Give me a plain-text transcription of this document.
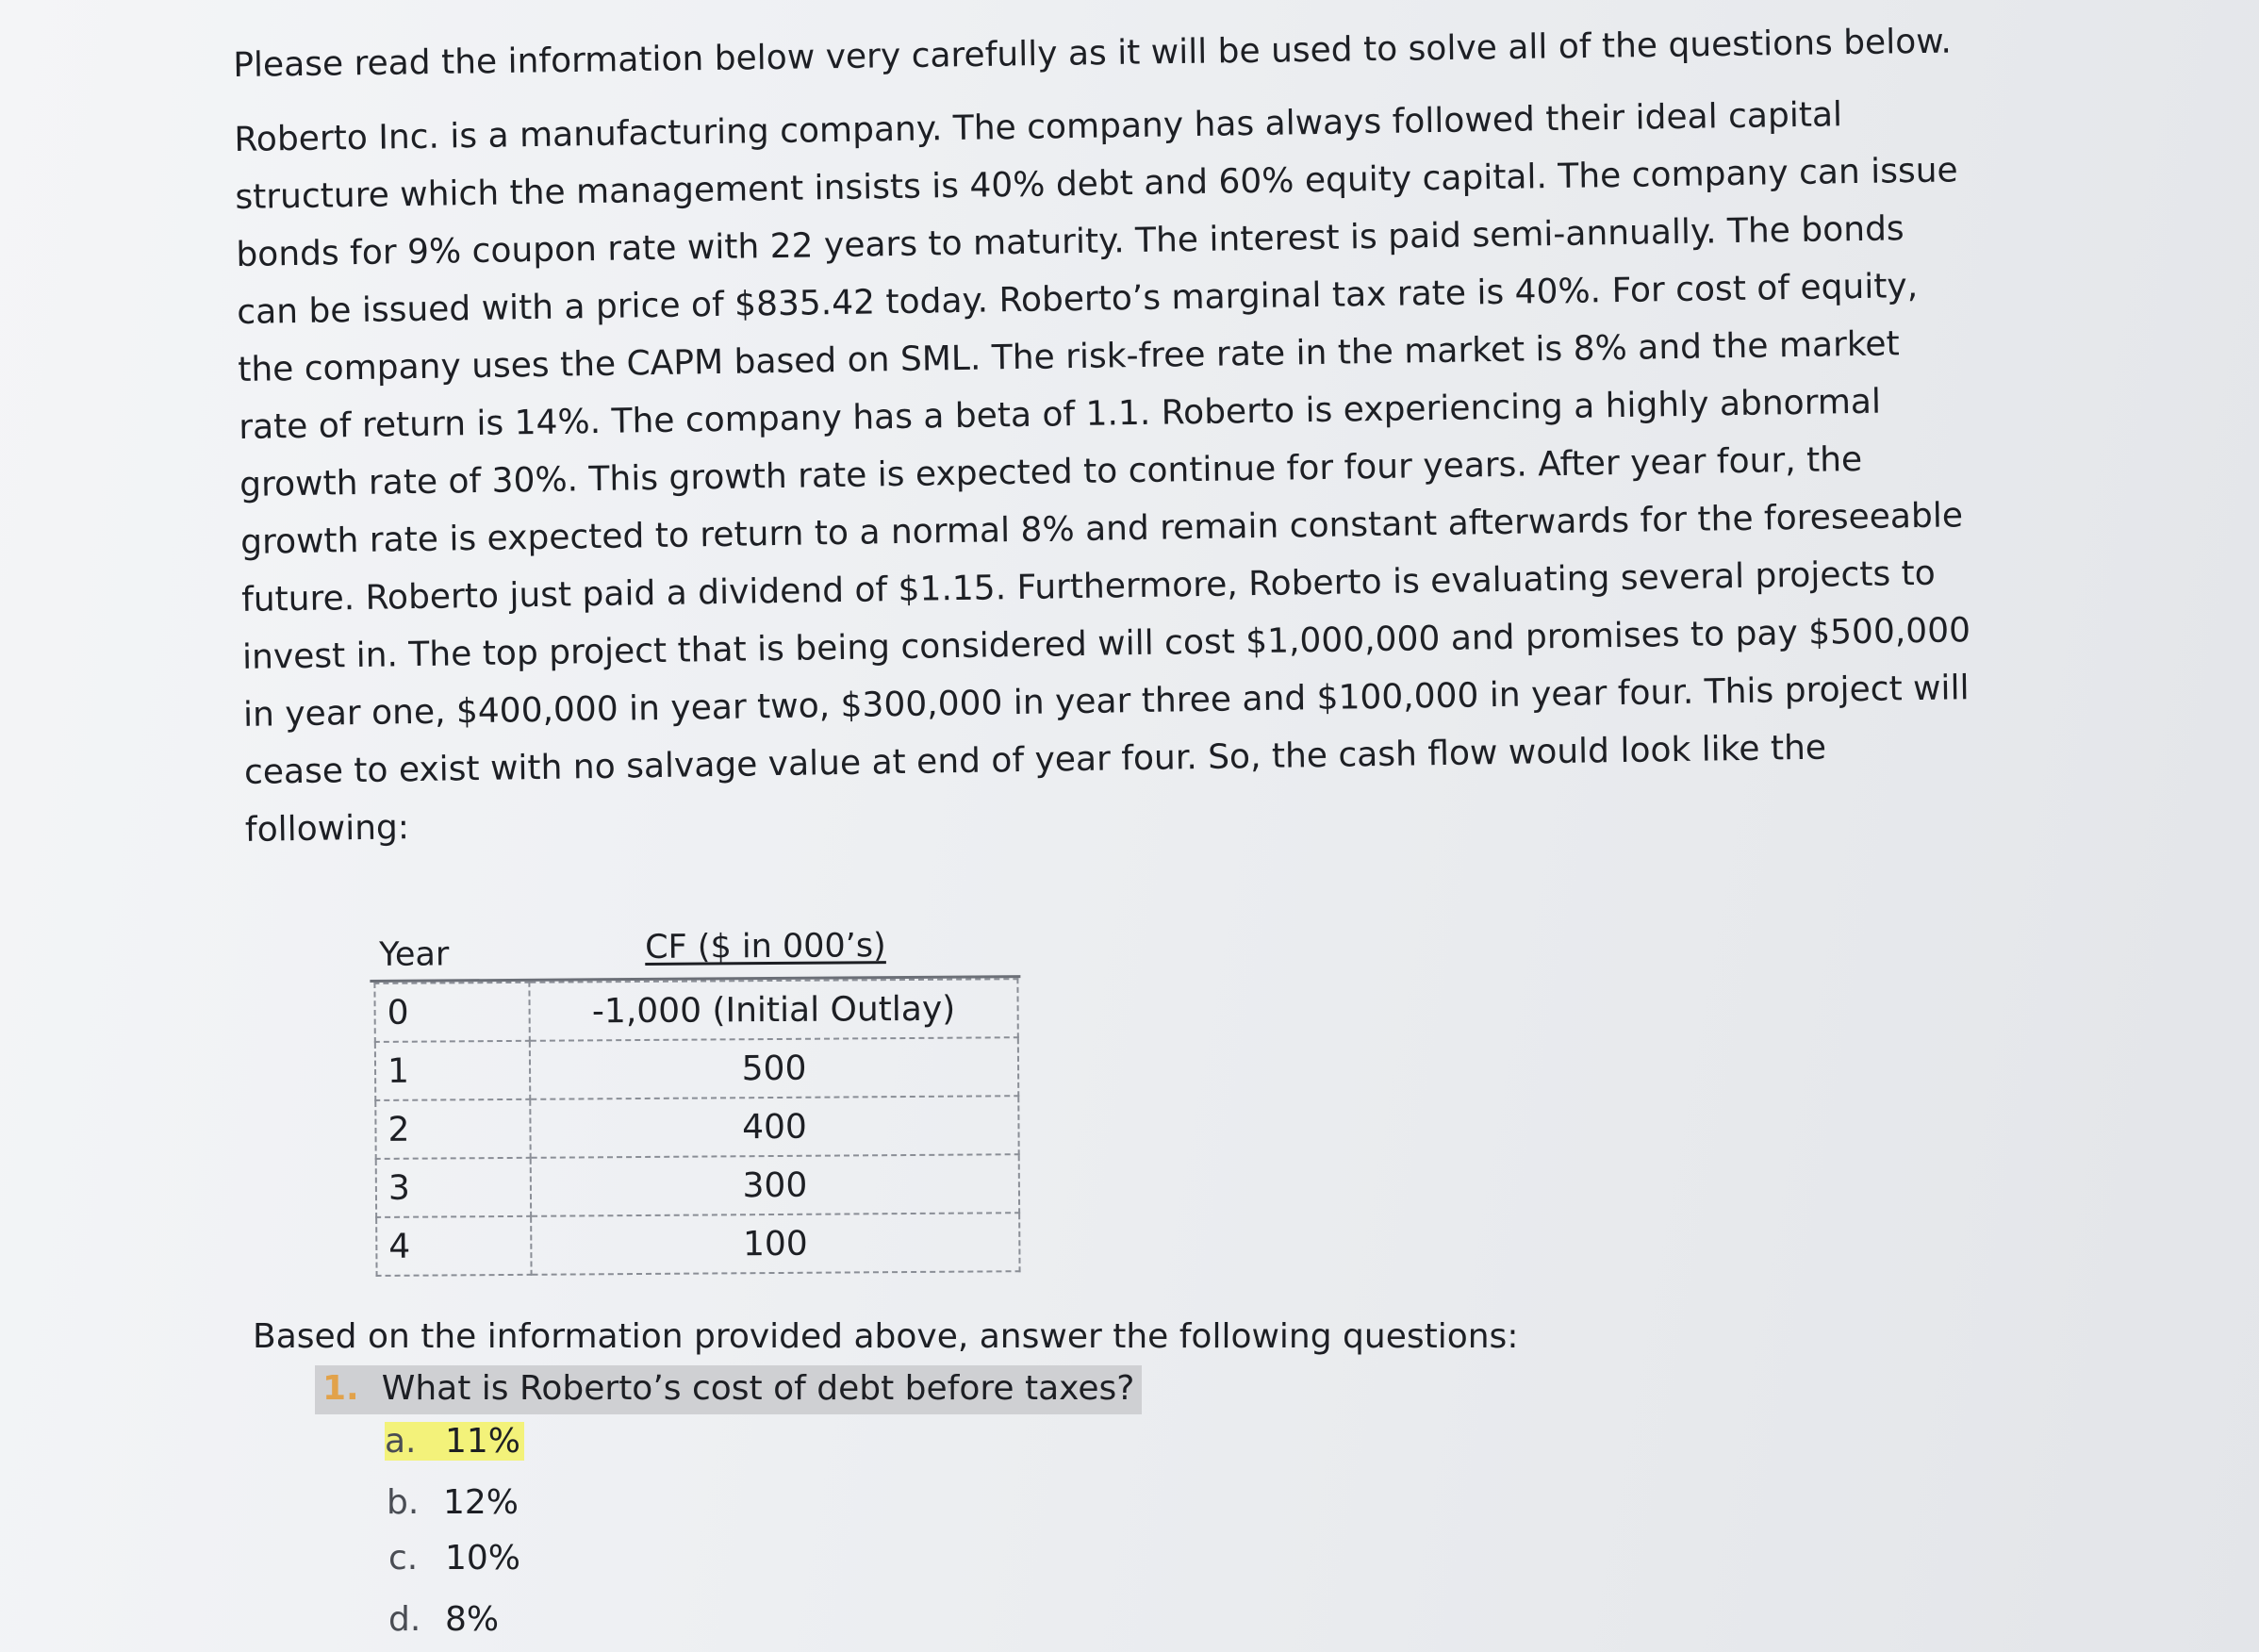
Please read the information below very carefully as it will be used to solve all of the questions below.
Roberto Inc. is a manufacturing company. The company has always followed their ideal capital
structure which the management insists is 40% debt and 60% equity capital. The company can issue
bonds for 9% coupon rate with 22 years to maturity. The interest is paid semi-annually. The bonds
can be issued with a price of $835.42 today. Roberto’s marginal tax rate is 40%. For cost of equity,
the company uses the CAPM based on SML. The risk-free rate in the market is 8% and the market
rate of return is 14%. The company has a beta of 1.1. Roberto is experiencing a highly abnormal
growth rate of 30%. This growth rate is expected to continue for four years. After year four, the
growth rate is expected to return to a normal 8% and remain constant afterwards for the foreseeable
future. Roberto just paid a dividend of $1.15. Furthermore, Roberto is evaluating several projects to
invest in. The top project that is being considered will cost $1,000,000 and promises to pay $500,000
in year one, $400,000 in year two, $300,000 in year three and $100,000 in year four. This project will
cease to exist with no salvage value at end of year four. So, the cash flow would look like the
following:
Year	CF ($ in 000’s)
0	-1,000 (Initial Outlay)
1	500
2	400
3	300
4	100
Based on the information provided above, answer the following questions:
1. What is Roberto’s cost of debt before taxes?
a. 11%
b. 12%
c. 10%
d. 8%
